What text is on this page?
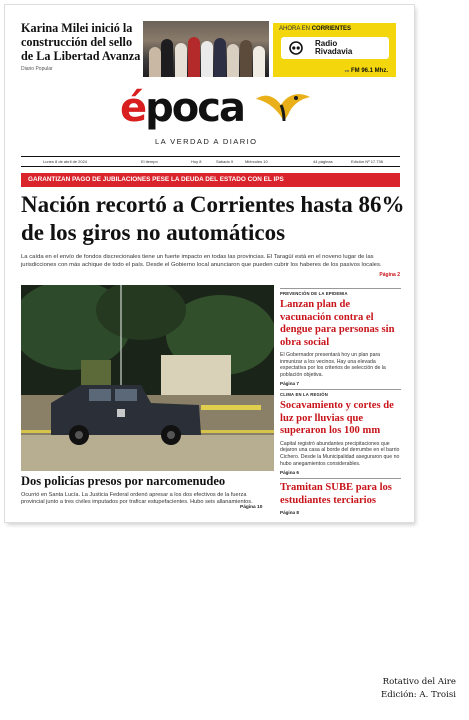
Karina Milei inició la construcción del sello de La Libertad Avanza
Diario Popular
AHORA EN CORRIENTES
Radio
Rivadavia
en FM 96.1 Mhz.
época
LA VERDAD A DIARIO
Lunes 8 de abril de 2024	El tiempo	Hoy 8	Sabado 9	Miércoles 10	44 páginas	Edición Nº 17.736
GARANTIZAN PAGO DE JUBILACIONES PESE LA DEUDA DEL ESTADO CON EL IPS
Nación recortó a Corrientes hasta 86% de los giros no automáticos
La caída en el envío de fondos discrecionales tiene un fuerte impacto en todas las provincias. El Taragüí está en el noveno lugar de las jurisdicciones con más achique de todo el país. Desde el Gobierno local anunciaron que pueden cubrir los haberes de los pasivos locales.
Página 2
Dos policías presos por narcomenudeo
Ocurrió en Santa Lucía. La Justicia Federal ordenó apresar a los dos efectivos de la fuerza provincial junto a tres civiles imputados por traficar estupefacientes. Hubo seis allanamientos.
Página 10
PREVENCIÓN DE LA EPIDEMIA
Lanzan plan de vacunación contra el dengue para personas sin obra social
El Gobernador presentará hoy un plan para inmunizar a los vecinos. Hay una elevada expectativa por los criterios de selección de la población objetiva.
Página 7
CLIMA EN LA REGIÓN
Socavamiento y cortes de luz por lluvias que superaron los 100 mm
Capital registró abundantes precipitaciones que dejaron una casa al borde del derrumbe en el barrio Cichero. Desde la Municipalidad aseguraron que no hubo anegamientos considerables.
Página 6
Tramitan SUBE para los estudiantes terciarios
Página 8
Rotativo del Aire
Edición: A. Troisi
